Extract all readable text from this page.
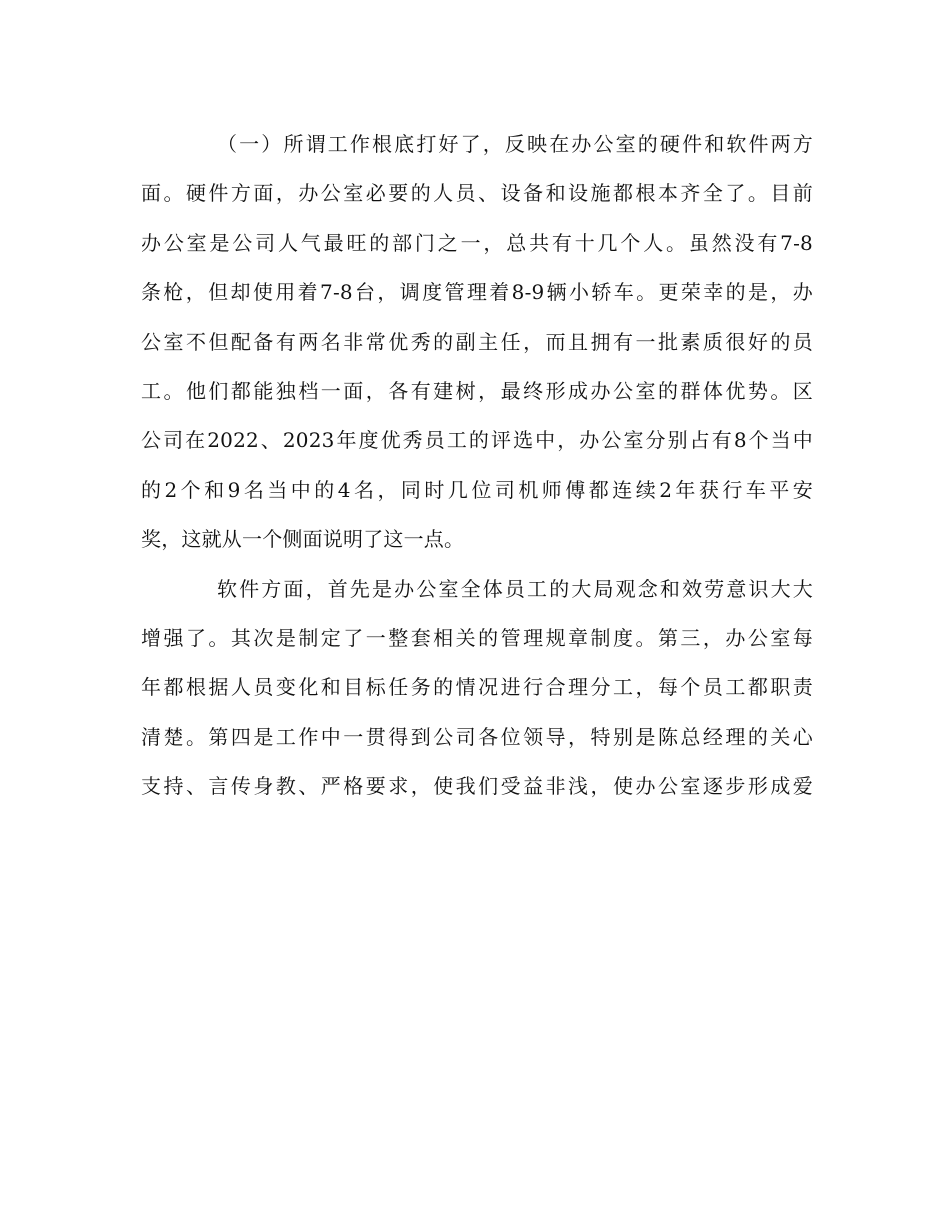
（一）所谓工作根底打好了，反映在办公室的硬件和软件两方
面。硬件方面，办公室必要的人员、设备和设施都根本齐全了。目前
办公室是公司人气最旺的部门之一，总共有十几个人。虽然没有7-8
条枪，但却使用着7-8台，调度管理着8-9辆小轿车。更荣幸的是，办
公室不但配备有两名非常优秀的副主任，而且拥有一批素质很好的员
工。他们都能独档一面，各有建树，最终形成办公室的群体优势。区
公司在2022、2023年度优秀员工的评选中，办公室分别占有8个当中
的2个和9名当中的4名，同时几位司机师傅都连续2年获行车平安
奖，这就从一个侧面说明了这一点。
软件方面，首先是办公室全体员工的大局观念和效劳意识大大
增强了。其次是制定了一整套相关的管理规章制度。第三，办公室每
年都根据人员变化和目标任务的情况进行合理分工，每个员工都职责
清楚。第四是工作中一贯得到公司各位领导，特别是陈总经理的关心
支持、言传身教、严格要求，使我们受益非浅，使办公室逐步形成爱
